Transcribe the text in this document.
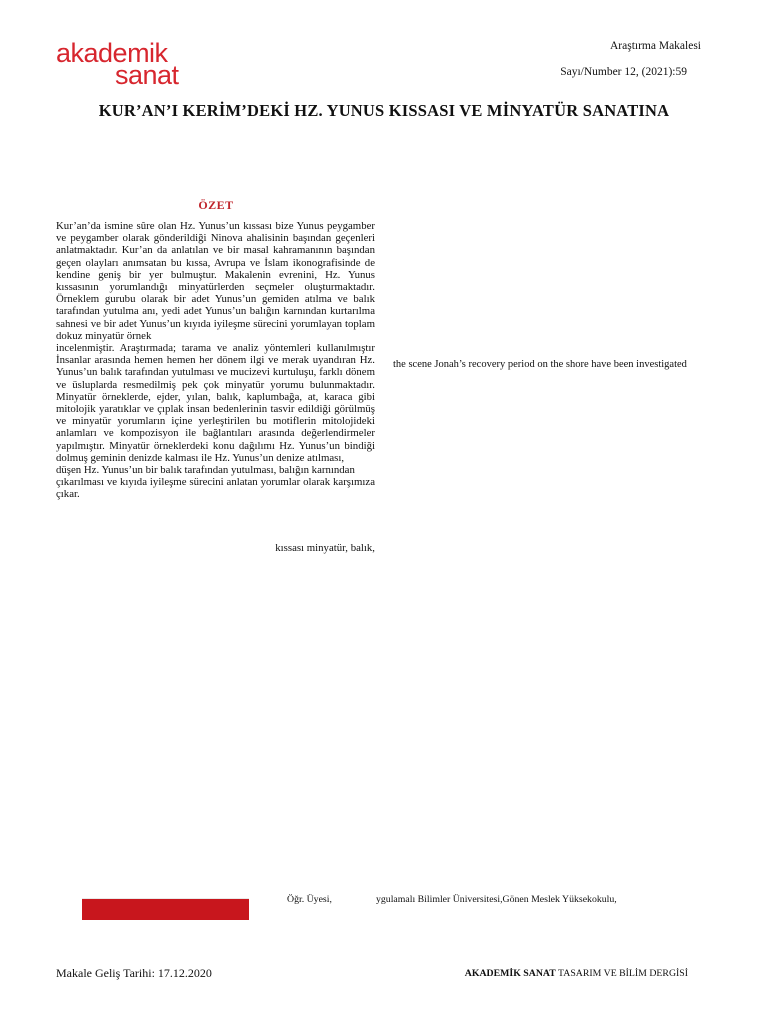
akademik
sanat
Araştırma Makalesi
Sayı/Number 12, (2021):59
KUR’AN’I KERİM’DEKİ HZ. YUNUS KISSASI VE MİNYATÜR SANATINA
ÖZET

Kur’an’da ismine sûre olan Hz. Yunus’un kıssası bize Yunus peygamber ve peygamber olarak gönderildiği Ninova ahalisinin başından geçenleri anlatmaktadır. Kur’an da anlatılan ve bir masal kahramanının başından geçen olayları anımsatan bu kıssa, Avrupa ve İslam ikonografisinde de kendine geniş bir yer bulmuştur. Makalenin evrenini, Hz. Yunus kıssasının yorumlandığı minyatürlerden seçmeler oluşturmaktadır. Örneklem gurubu olarak bir adet Yunus’un gemiden atılma ve balık tarafından yutulma anı, yedi adet Yunus’un balığın karnından kurtarılma sahnesi ve bir adet Yunus’un kıyıda iyileşme sürecini yorumlayan toplam dokuz minyatür örnek

incelenmiştir. Araştırmada; tarama ve analiz yöntemleri kullanılmıştır İnsanlar arasında hemen hemen her dönem ilgi ve merak uyandıran Hz. Yunus’un balık tarafından yutulması ve mucizevi kurtuluşu, farklı dönem ve üsluplarda resmedilmiş pek çok minyatür yorumu bulunmaktadır. Minyatür örneklerde, ejder, yılan, balık, kaplumbağa, at, karaca gibi mitolojik yaratıklar ve çıplak insan bedenlerinin tasvir edildiği görülmüş ve minyatür yorumların içine yerleştirilen bu motiflerin mitolojideki anlamları ve kompozisyon ile bağlantıları arasında değerlendirmeler yapılmıştır. Minyatür örneklerdeki konu dağılımı Hz. Yunus’un bindiği dolmuş geminin denizde kalması ile Hz. Yunus’un denize atılması,

düşen Hz. Yunus’un bir balık tarafından yutulması, balığın karnından

çıkarılması ve kıyıda iyileşme sürecini anlatan yorumlar olarak karşımıza çıkar.

kıssası minyatür, balık,
the scene Jonah’s recovery period on the shore have been investigated
Öğr. Üyesi,	ygulamalı Bilimler Üniversitesi,Gönen Meslek Yüksekokulu,
Makale Geliş Tarihi: 17.12.2020	AKADEMİK SANAT TASARIM VE BİLİM DERGİSİ
